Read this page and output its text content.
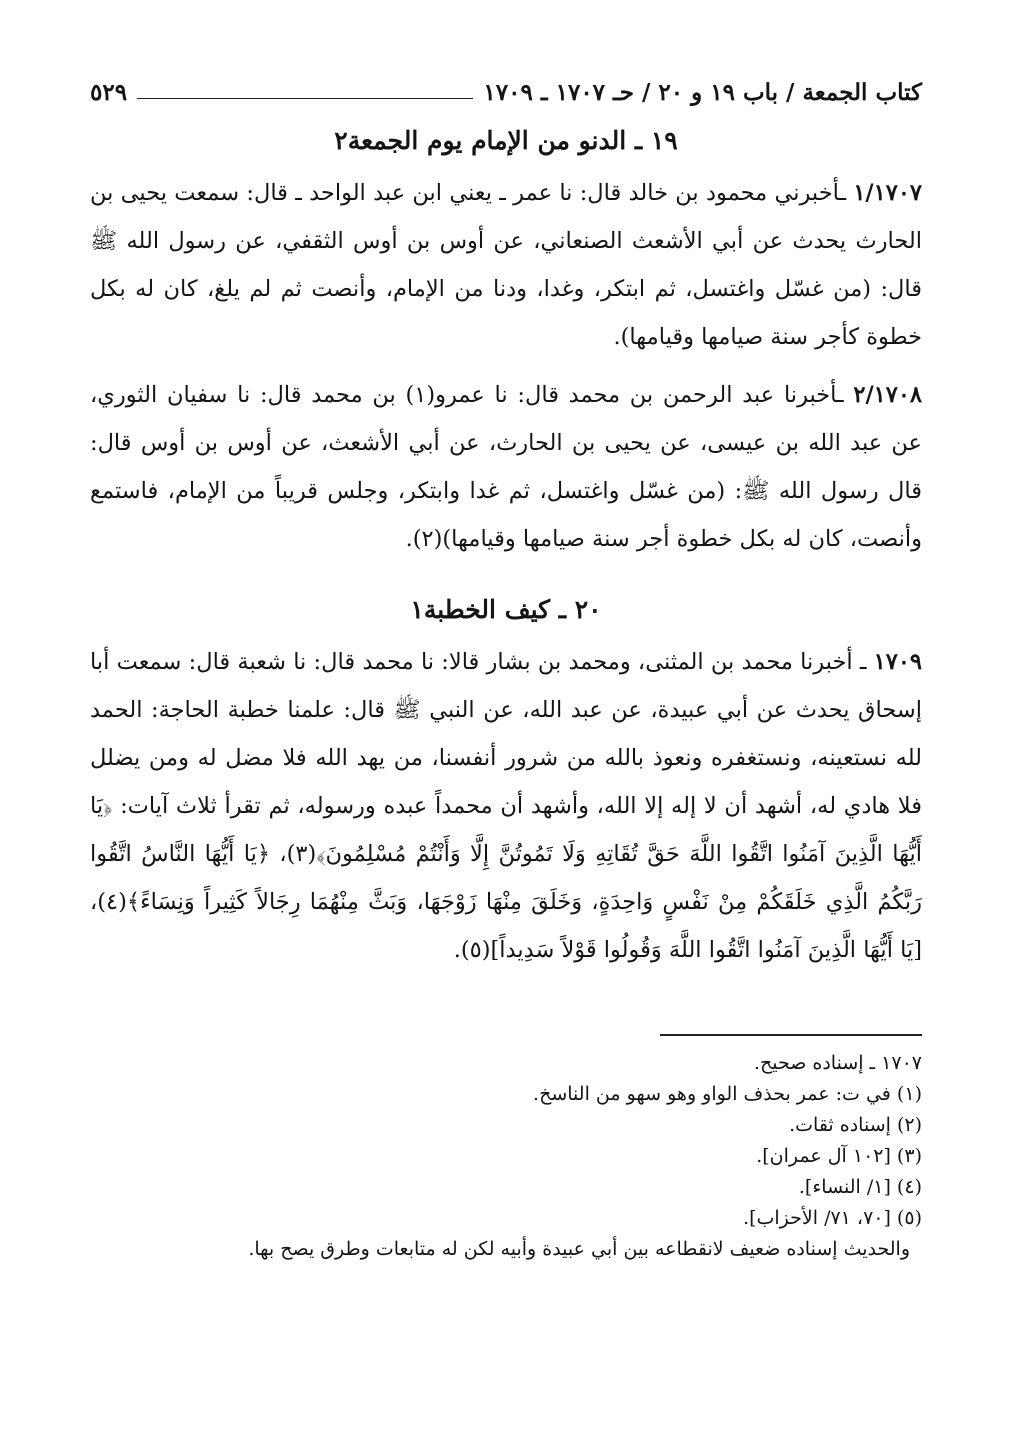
كتاب الجمعة / باب ١٩ و ٢٠ / حـ ١٧٠٧ ـ ١٧٠٩
٥٢٩
١٩ ـ الدنو من الإمام يوم الجمعة٢

١/١٧٠٧ ـأخبرني محمود بن خالد قال: نا عمر ـ يعني ابن عبد الواحد ـ قال: سمعت يحيى بن الحارث يحدث عن أبي الأشعث الصنعاني، عن أوس بن أوس الثقفي، عن رسول الله ﷺ قال: (من غسّل واغتسل، ثم ابتكر، وغدا، ودنا من الإمام، وأنصت ثم لم يلغ، كان له بكل خطوة كأجر سنة صيامها وقيامها).

٢/١٧٠٨ ـأخبرنا عبد الرحمن بن محمد قال: نا عمرو(١) بن محمد قال: نا سفيان الثوري، عن عبد الله بن عيسى، عن يحيى بن الحارث، عن أبي الأشعث، عن أوس بن أوس قال: قال رسول الله ﷺ: (من غسّل واغتسل، ثم غدا وابتكر، وجلس قريباً من الإمام، فاستمع وأنصت، كان له بكل خطوة أجر سنة صيامها وقيامها)(٢).

٢٠ ـ كيف الخطبة١

١٧٠٩ ـ أخبرنا محمد بن المثنى، ومحمد بن بشار قالا: نا محمد قال: نا شعبة قال: سمعت أبا إسحاق يحدث عن أبي عبيدة، عن عبد الله، عن النبي ﷺ قال: علمنا خطبة الحاجة: الحمد لله نستعينه، ونستغفره ونعوذ بالله من شرور أنفسنا، من يهد الله فلا مضل له ومن يضلل فلا هادي له، أشهد أن لا إله إلا الله، وأشهد أن محمداً عبده ورسوله، ثم تقرأ ثلاث آيات: ﴿يَا أَيُّهَا الَّذِينَ آمَنُوا اتَّقُوا اللَّهَ حَقَّ تُقَاتِهِ وَلَا تَمُوتُنَّ إِلَّا وَأَنْتُمْ مُسْلِمُونَ﴾(٣)، ﴿يَا أَيُّهَا النَّاسُ اتَّقُوا رَبَّكُمُ الَّذِي خَلَقَكُمْ مِنْ نَفْسٍ وَاحِدَةٍ، وَخَلَقَ مِنْهَا زَوْجَهَا، وَبَثَّ مِنْهُمَا رِجَالاً كَثِيراً وَنِسَاءً﴾(٤)، [يَا أَيُّهَا الَّذِينَ آمَنُوا اتَّقُوا اللَّهَ وَقُولُوا قَوْلاً سَدِيداً](٥).

١٧٠٧ ـ إسناده صحيح.
(١) في ت: عمر بحذف الواو وهو سهو من الناسخ.
(٢) إسناده ثقات.
(٣) [١٠٢ آل عمران].
(٤) [١/ النساء].
(٥) [٧٠، ٧١/ الأحزاب].
والحديث إسناده ضعيف لانقطاعه بين أبي عبيدة وأبيه لكن له متابعات وطرق يصح بها.
